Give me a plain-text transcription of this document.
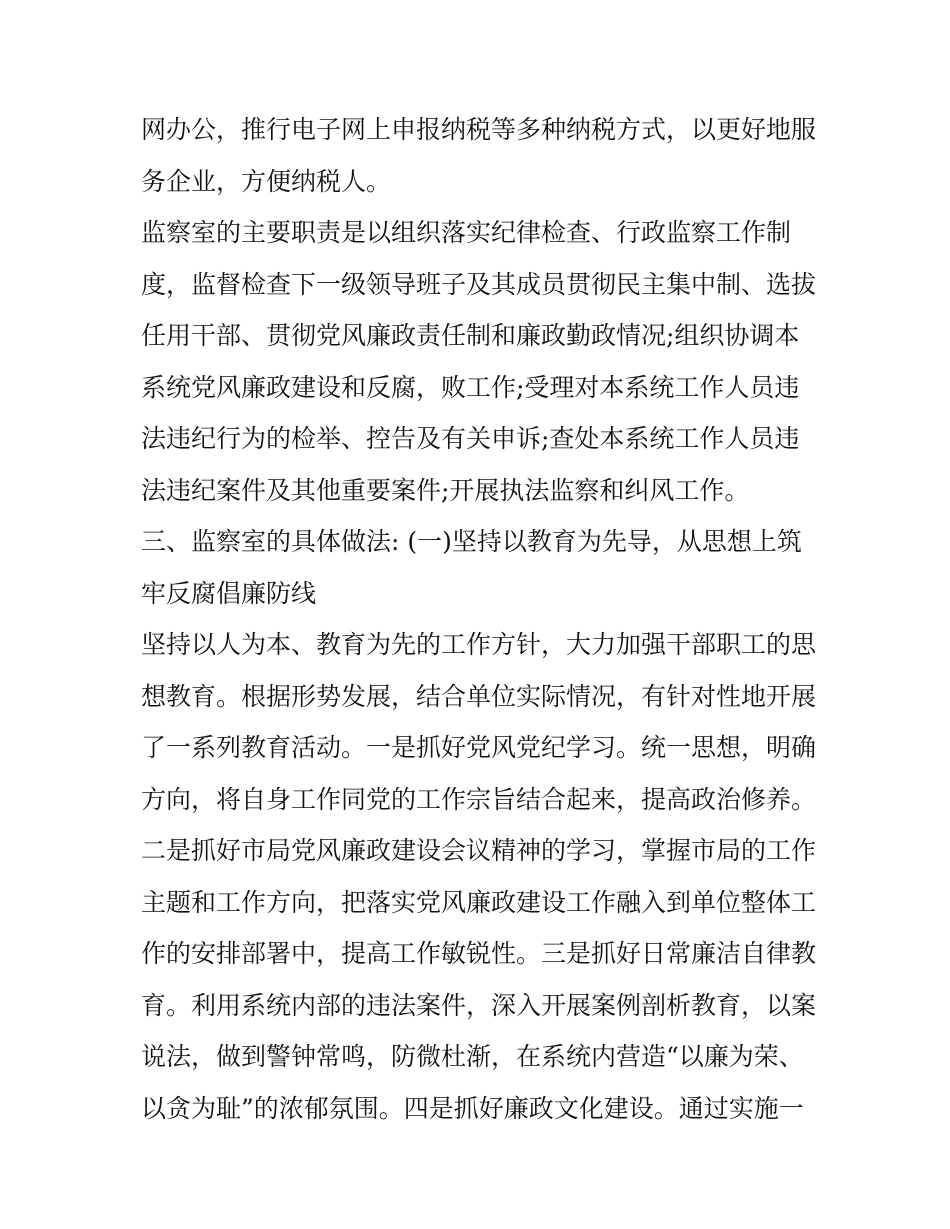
网办公，推行电子网上申报纳税等多种纳税方式，以更好地服
务企业，方便纳税人。
监察室的主要职责是以组织落实纪律检查、行政监察工作制
度，监督检查下一级领导班子及其成员贯彻民主集中制、选拔
任用干部、贯彻党风廉政责任制和廉政勤政情况;组织协调本
系统党风廉政建设和反腐，败工作;受理对本系统工作人员违
法违纪行为的检举、控告及有关申诉;查处本系统工作人员违
法违纪案件及其他重要案件;开展执法监察和纠风工作。
三、监察室的具体做法: (一)坚持以教育为先导，从思想上筑
牢反腐倡廉防线
坚持以人为本、教育为先的工作方针，大力加强干部职工的思
想教育。根据形势发展，结合单位实际情况，有针对性地开展
了一系列教育活动。一是抓好党风党纪学习。统一思想，明确
方向，将自身工作同党的工作宗旨结合起来，提高政治修养。
二是抓好市局党风廉政建设会议精神的学习，掌握市局的工作
主题和工作方向，把落实党风廉政建设工作融入到单位整体工
作的安排部署中，提高工作敏锐性。三是抓好日常廉洁自律教
育。利用系统内部的违法案件，深入开展案例剖析教育，以案
说法，做到警钟常鸣，防微杜渐，在系统内营造“以廉为荣、
以贪为耻”的浓郁氛围。四是抓好廉政文化建设。通过实施一
